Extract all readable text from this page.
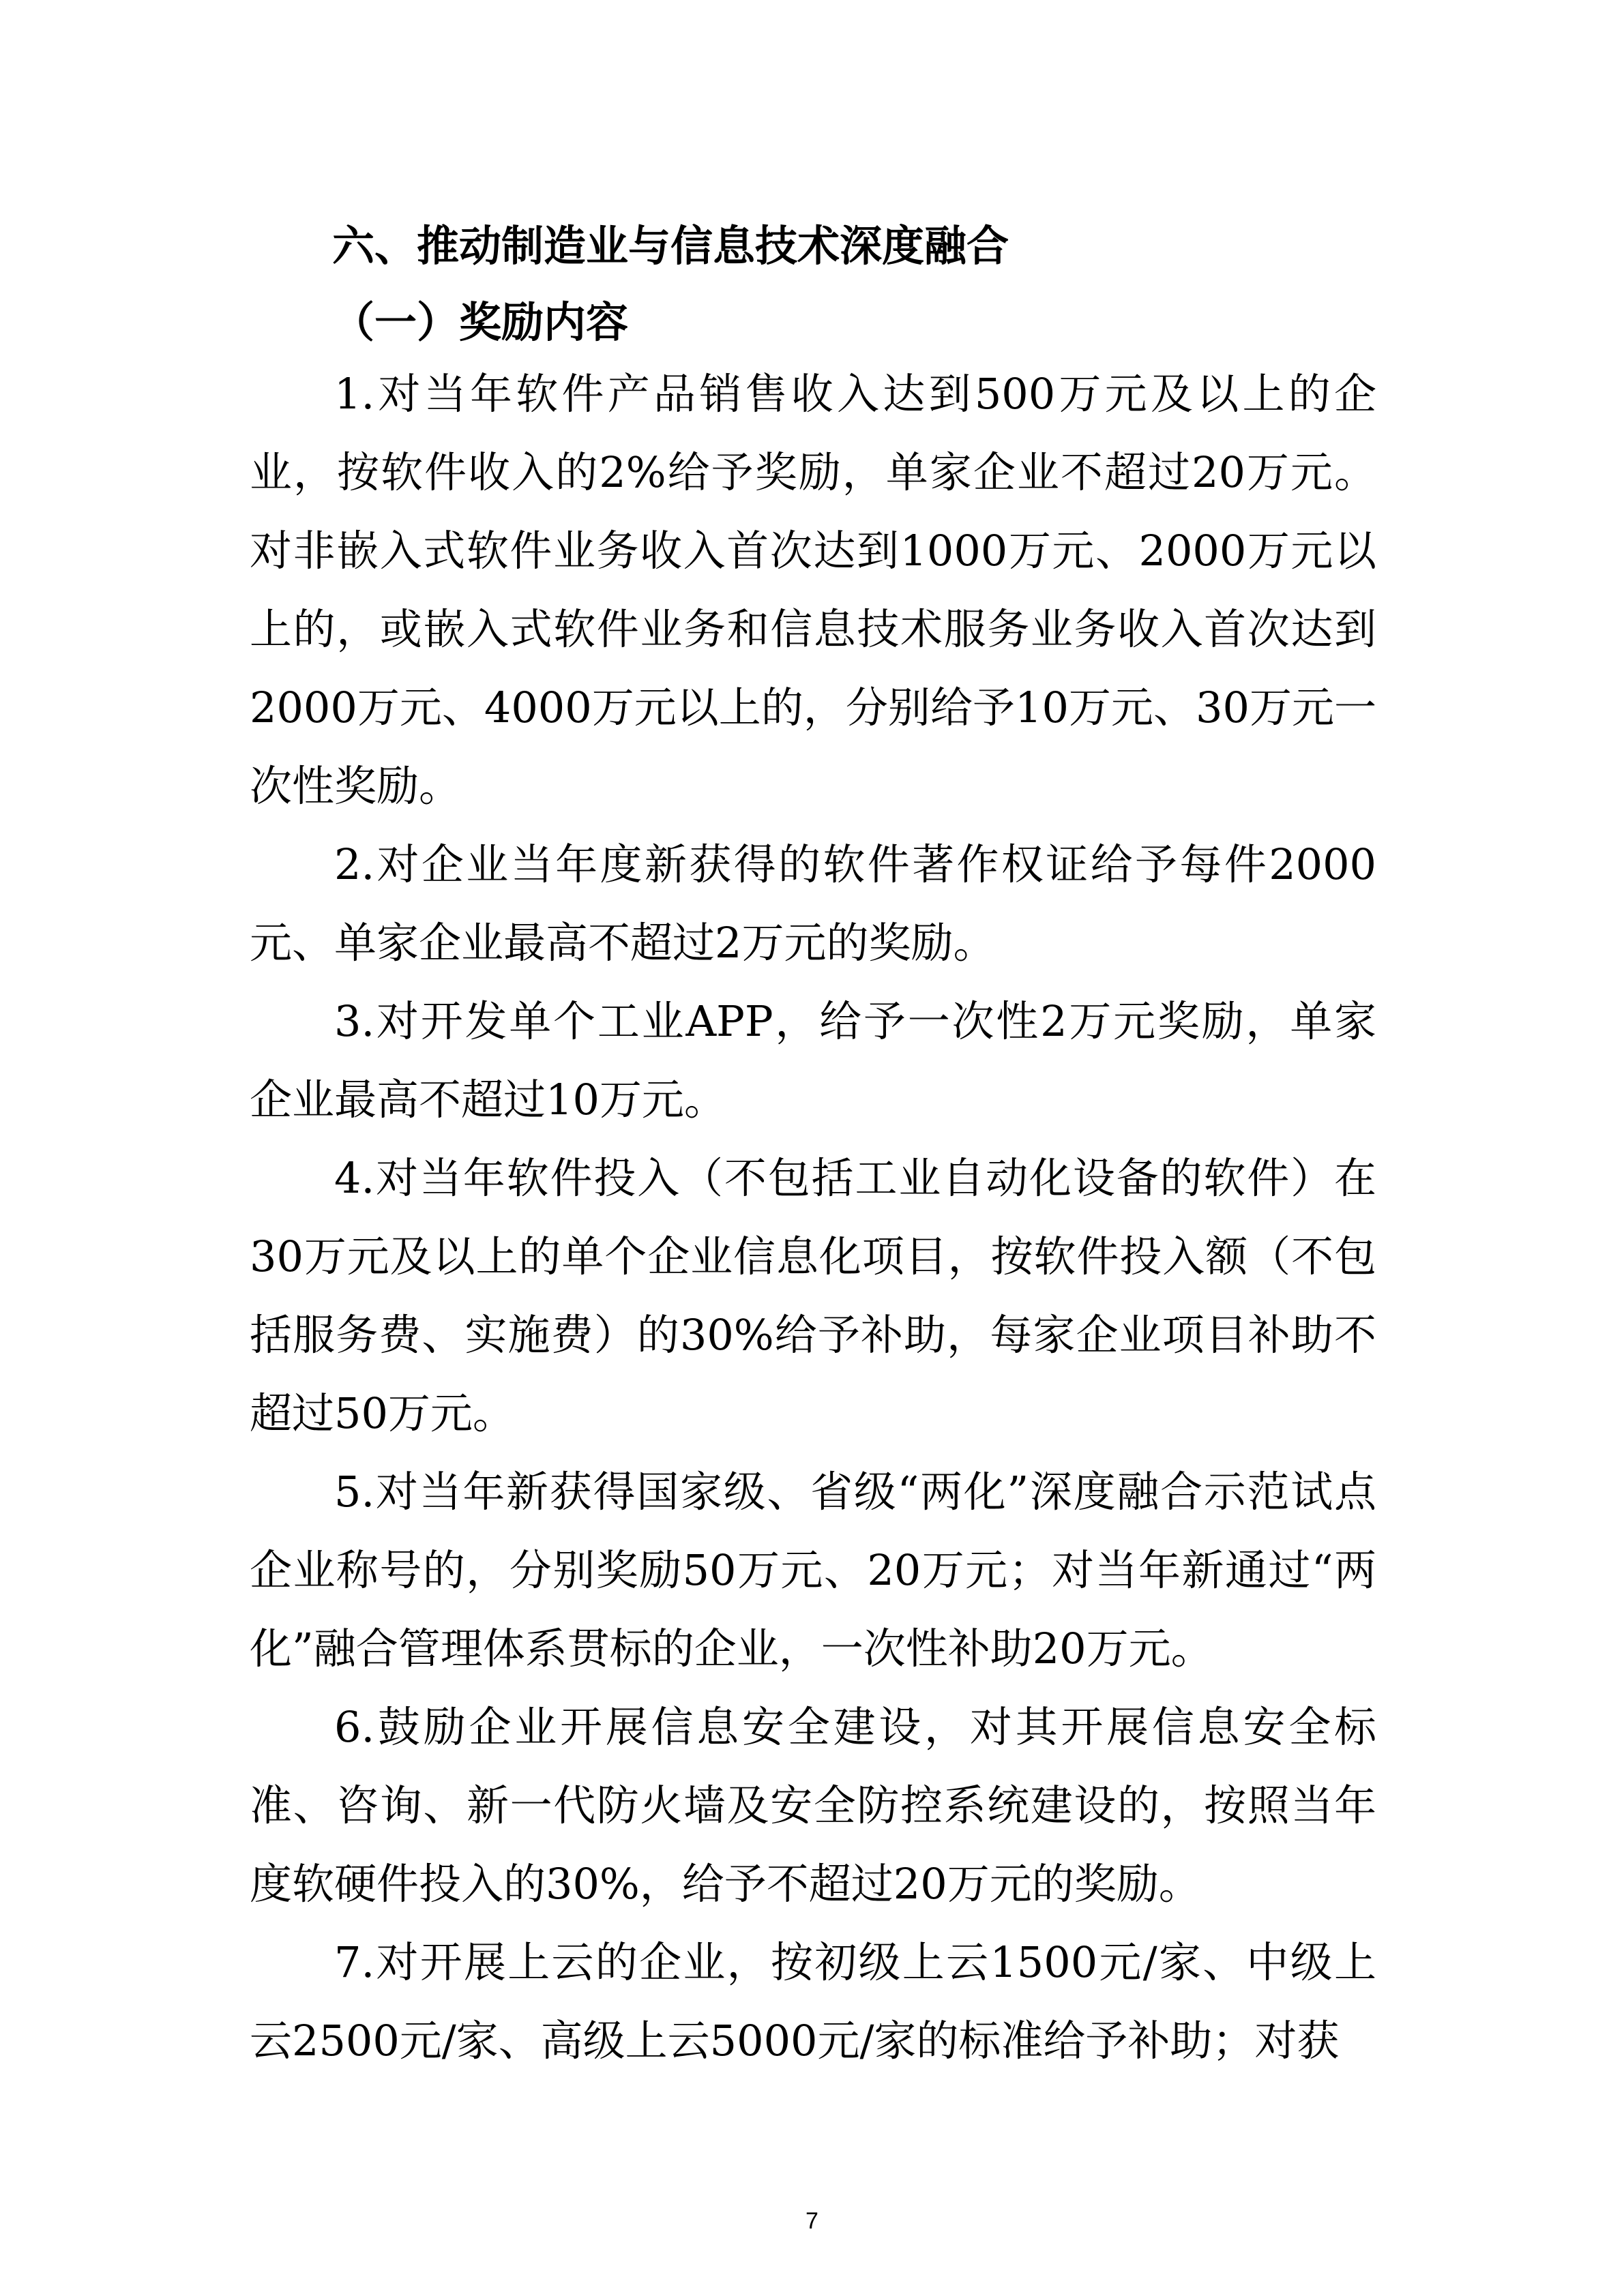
六、推动制造业与信息技术深度融合
（一）奖励内容

1.对当年软件产品销售收入达到500万元及以上的企业，按软件收入的2%给予奖励，单家企业不超过20万元。对非嵌入式软件业务收入首次达到1000万元、2000万元以上的，或嵌入式软件业务和信息技术服务业务收入首次达到2000万元、4000万元以上的，分别给予10万元、30万元一次性奖励。

2.对企业当年度新获得的软件著作权证给予每件2000元、单家企业最高不超过2万元的奖励。

3.对开发单个工业APP，给予一次性2万元奖励，单家企业最高不超过10万元。

4.对当年软件投入（不包括工业自动化设备的软件）在30万元及以上的单个企业信息化项目，按软件投入额（不包括服务费、实施费）的30%给予补助，每家企业项目补助不超过50万元。

5.对当年新获得国家级、省级“两化”深度融合示范试点企业称号的，分别奖励50万元、20万元；对当年新通过“两化”融合管理体系贯标的企业，一次性补助20万元。

6.鼓励企业开展信息安全建设，对其开展信息安全标准、咨询、新一代防火墙及安全防控系统建设的，按照当年度软硬件投入的30%，给予不超过20万元的奖励。

7.对开展上云的企业，按初级上云1500元/家、中级上云2500元/家、高级上云5000元/家的标准给予补助；对获

7
